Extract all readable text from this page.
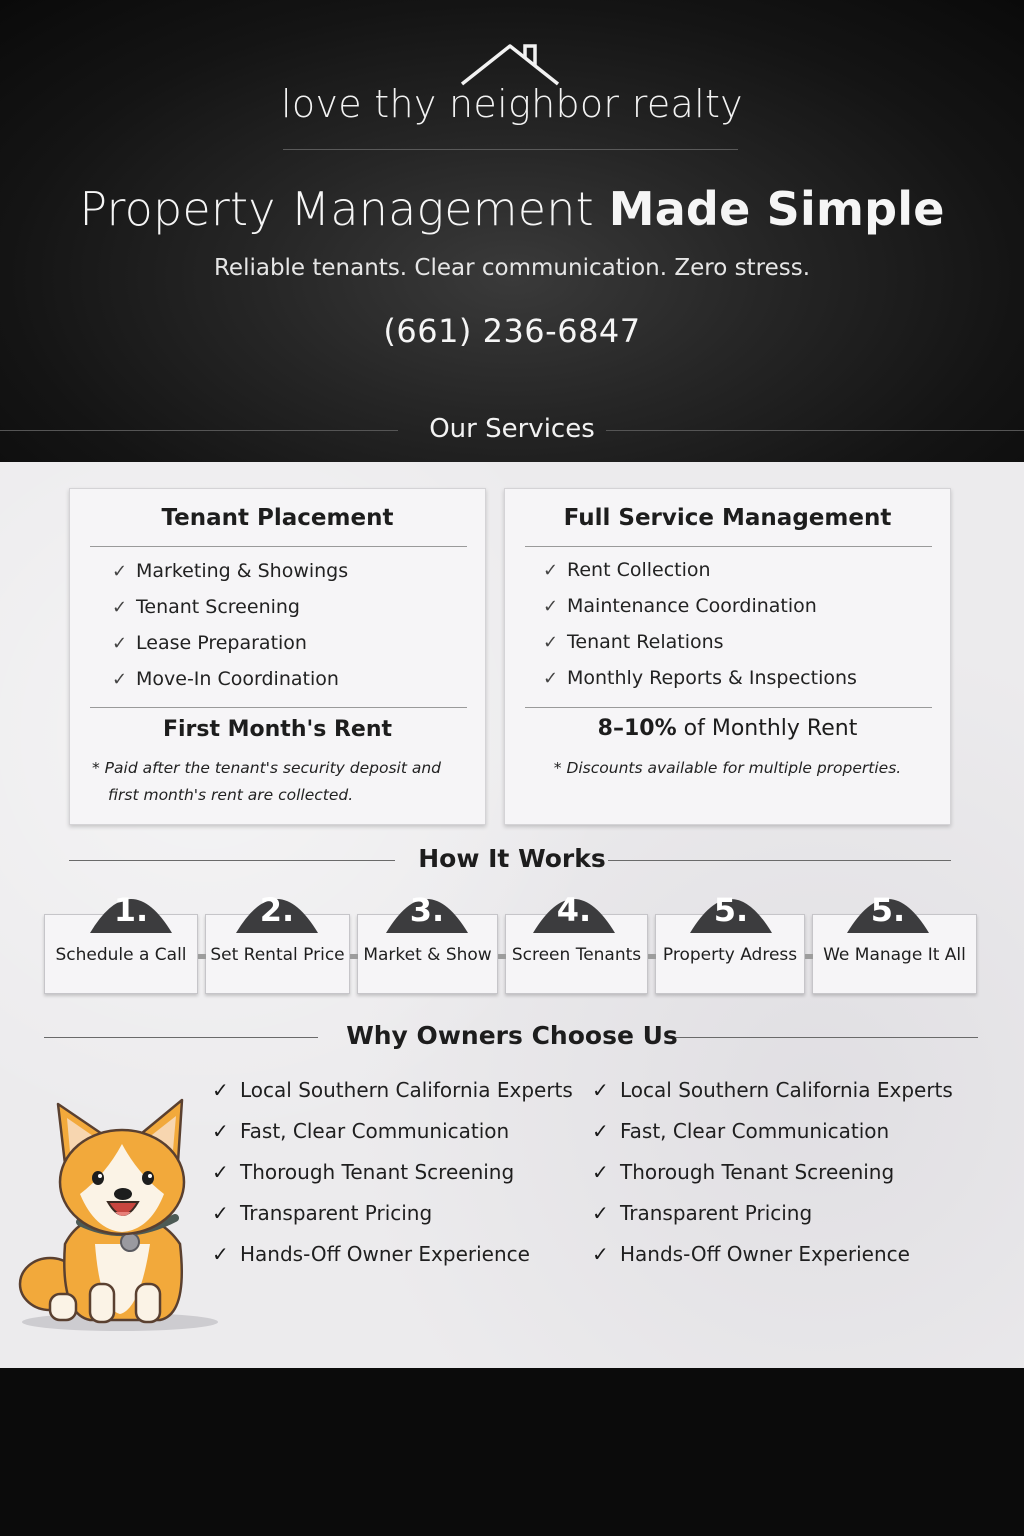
love thy neighbor realty
Property Management Made Simple
Reliable tenants. Clear communication. Zero stress.
(661) 236-6847
Our Services
Tenant Placement
✓ Marketing & Showings
✓ Tenant Screening
✓ Lease Preparation
✓ Move-In Coordination
First Month's Rent
* Paid after the tenant's security deposit and
first month's rent are collected.
Full Service Management
✓ Rent Collection
✓ Maintenance Coordination
✓ Tenant Relations
✓ Monthly Reports & Inspections
8–10% of Monthly Rent
* Discounts available for multiple properties.
How It Works
Schedule a Call	Set Rental Price	Market & Show	Screen Tenants	Property Adress	We Manage It All
1.	2.	3.	4.	5.	5.
Why Owners Choose Us
✓ Local Southern California Experts
✓ Fast, Clear Communication
✓ Thorough Tenant Screening
✓ Transparent Pricing
✓ Hands-Off Owner Experience
✓ Local Southern California Experts
✓ Fast, Clear Communication
✓ Thorough Tenant Screening
✓ Transparent Pricing
✓ Hands-Off Owner Experience
